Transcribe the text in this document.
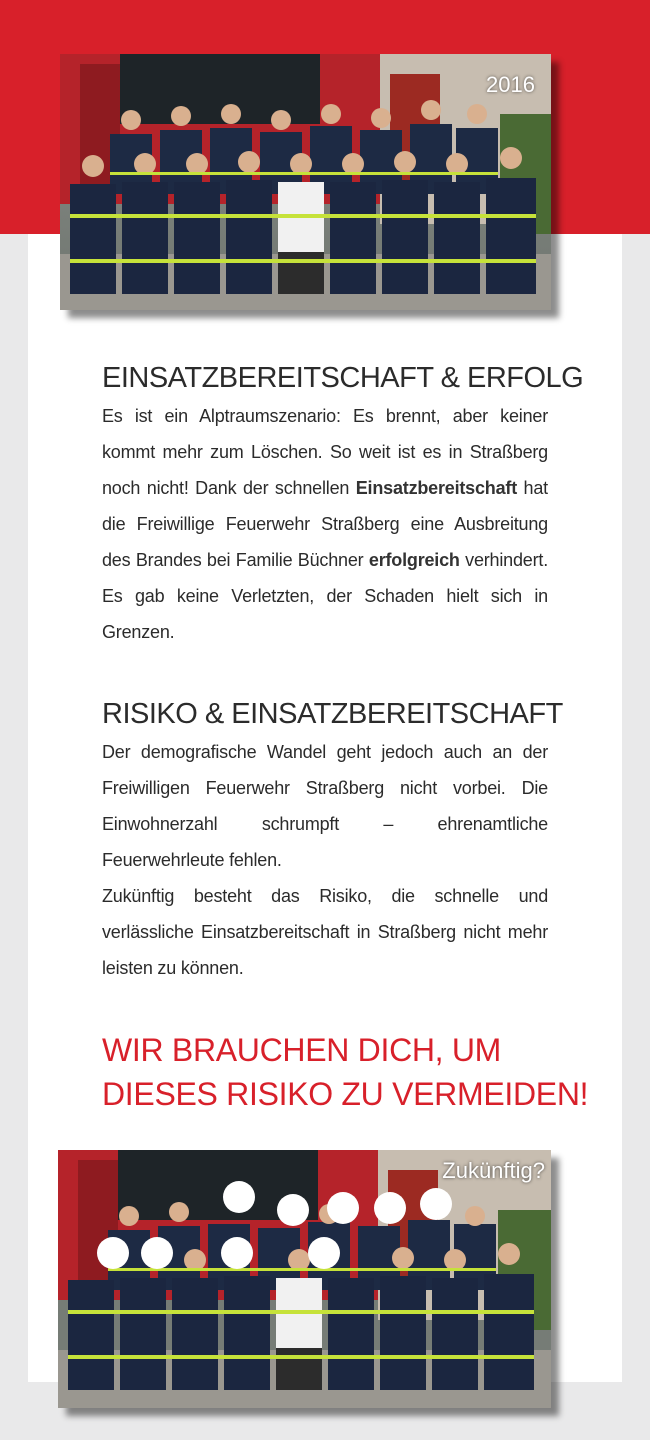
2016
EINSATZBEREITSCHAFT & ERFOLG

Es ist ein Alptraumszenario: Es brennt, aber keiner kommt mehr zum Löschen. So weit ist es in Straßberg noch nicht! Dank der schnellen Einsatzbereitschaft hat die Freiwillige Feuerwehr Straßberg eine Ausbreitung des Brandes bei Familie Büchner erfolgreich verhindert. Es gab keine Verletzten, der Schaden hielt sich in Grenzen.

RISIKO & EINSATZBEREITSCHAFT

Der demografische Wandel geht jedoch auch an der Freiwilligen Feuerwehr Straßberg nicht vorbei. Die Einwohnerzahl schrumpft – ehrenamtliche Feuerwehrleute fehlen.

Zukünftig besteht das Risiko, die schnelle und verlässliche Einsatzbereitschaft in Straßberg nicht mehr leisten zu können.

WIR BRAUCHEN DICH, UM
DIESES RISIKO ZU VERMEIDEN!
Zukünftig?
